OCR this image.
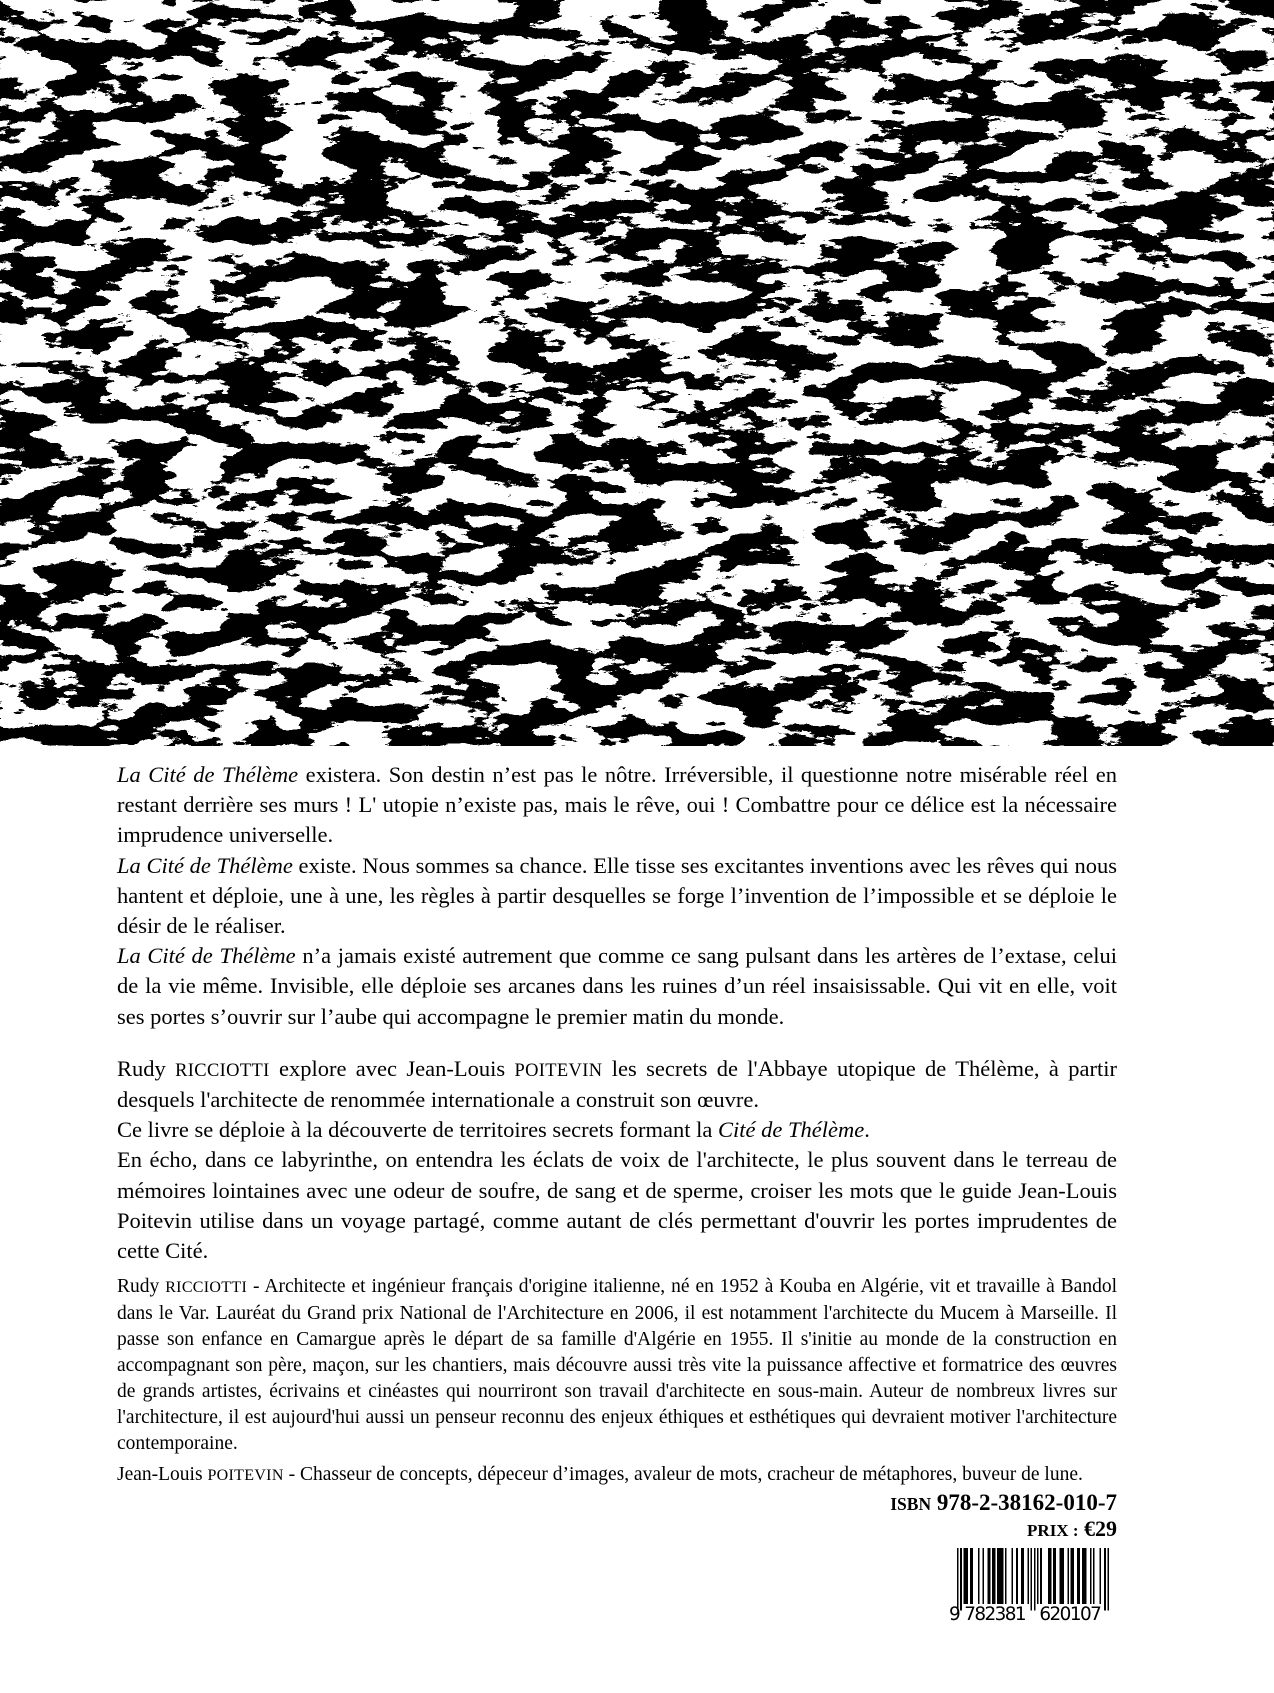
La Cité de Thélème existera. Son destin n’est pas le nôtre. Irréversible, il questionne notre misérable réel en restant derrière ses murs ! L' utopie n’existe pas, mais le rêve, oui ! Combattre pour ce délice est la nécessaire imprudence universelle.

La Cité de Thélème existe. Nous sommes sa chance. Elle tisse ses excitantes inventions avec les rêves qui nous hantent et déploie, une à une, les règles à partir desquelles se forge l’invention de l’impossible et se déploie le désir de le réaliser.

La Cité de Thélème n’a jamais existé autrement que comme ce sang pulsant dans les artères de l’extase, celui de la vie même. Invisible, elle déploie ses arcanes dans les ruines d’un réel insaisissable. Qui vit en elle, voit ses portes s’ouvrir sur l’aube qui accompagne le premier matin du monde.

Rudy RICCIOTTI explore avec Jean-Louis POITEVIN les secrets de l'Abbaye utopique de Thélème, à partir desquels l'architecte de renommée internationale a construit son œuvre.

Ce livre se déploie à la découverte de territoires secrets formant la Cité de Thélème.

En écho, dans ce labyrinthe, on entendra les éclats de voix de l'architecte, le plus souvent dans le terreau de mémoires lointaines avec une odeur de soufre, de sang et de sperme, croiser les mots que le guide Jean-Louis Poitevin utilise dans un voyage partagé, comme autant de clés permettant d'ouvrir les portes imprudentes de cette Cité.

Rudy RICCIOTTI - Architecte et ingénieur français d'origine italienne, né en 1952 à Kouba en Algérie, vit et travaille à Bandol dans le Var. Lauréat du Grand prix National de l'Architecture en 2006, il est notamment l'architecte du Mucem à Marseille. Il passe son enfance en Camargue après le départ de sa famille d'Algérie en 1955. Il s'initie au monde de la construction en accompagnant son père, maçon, sur les chantiers, mais découvre aussi très vite la puissance affective et formatrice des œuvres de grands artistes, écrivains et cinéastes qui nourriront son travail d'architecte en sous-main. Auteur de nombreux livres sur l'architecture, il est aujourd'hui aussi un penseur reconnu des enjeux éthiques et esthétiques qui devraient motiver l'architecture contemporaine.

Jean-Louis POITEVIN - Chasseur de concepts, dépeceur d’images, avaleur de mots, cracheur de métaphores, buveur de lune.

ISBN 978-2-38162-010-7
PRIX : €29
9 782381 620107
